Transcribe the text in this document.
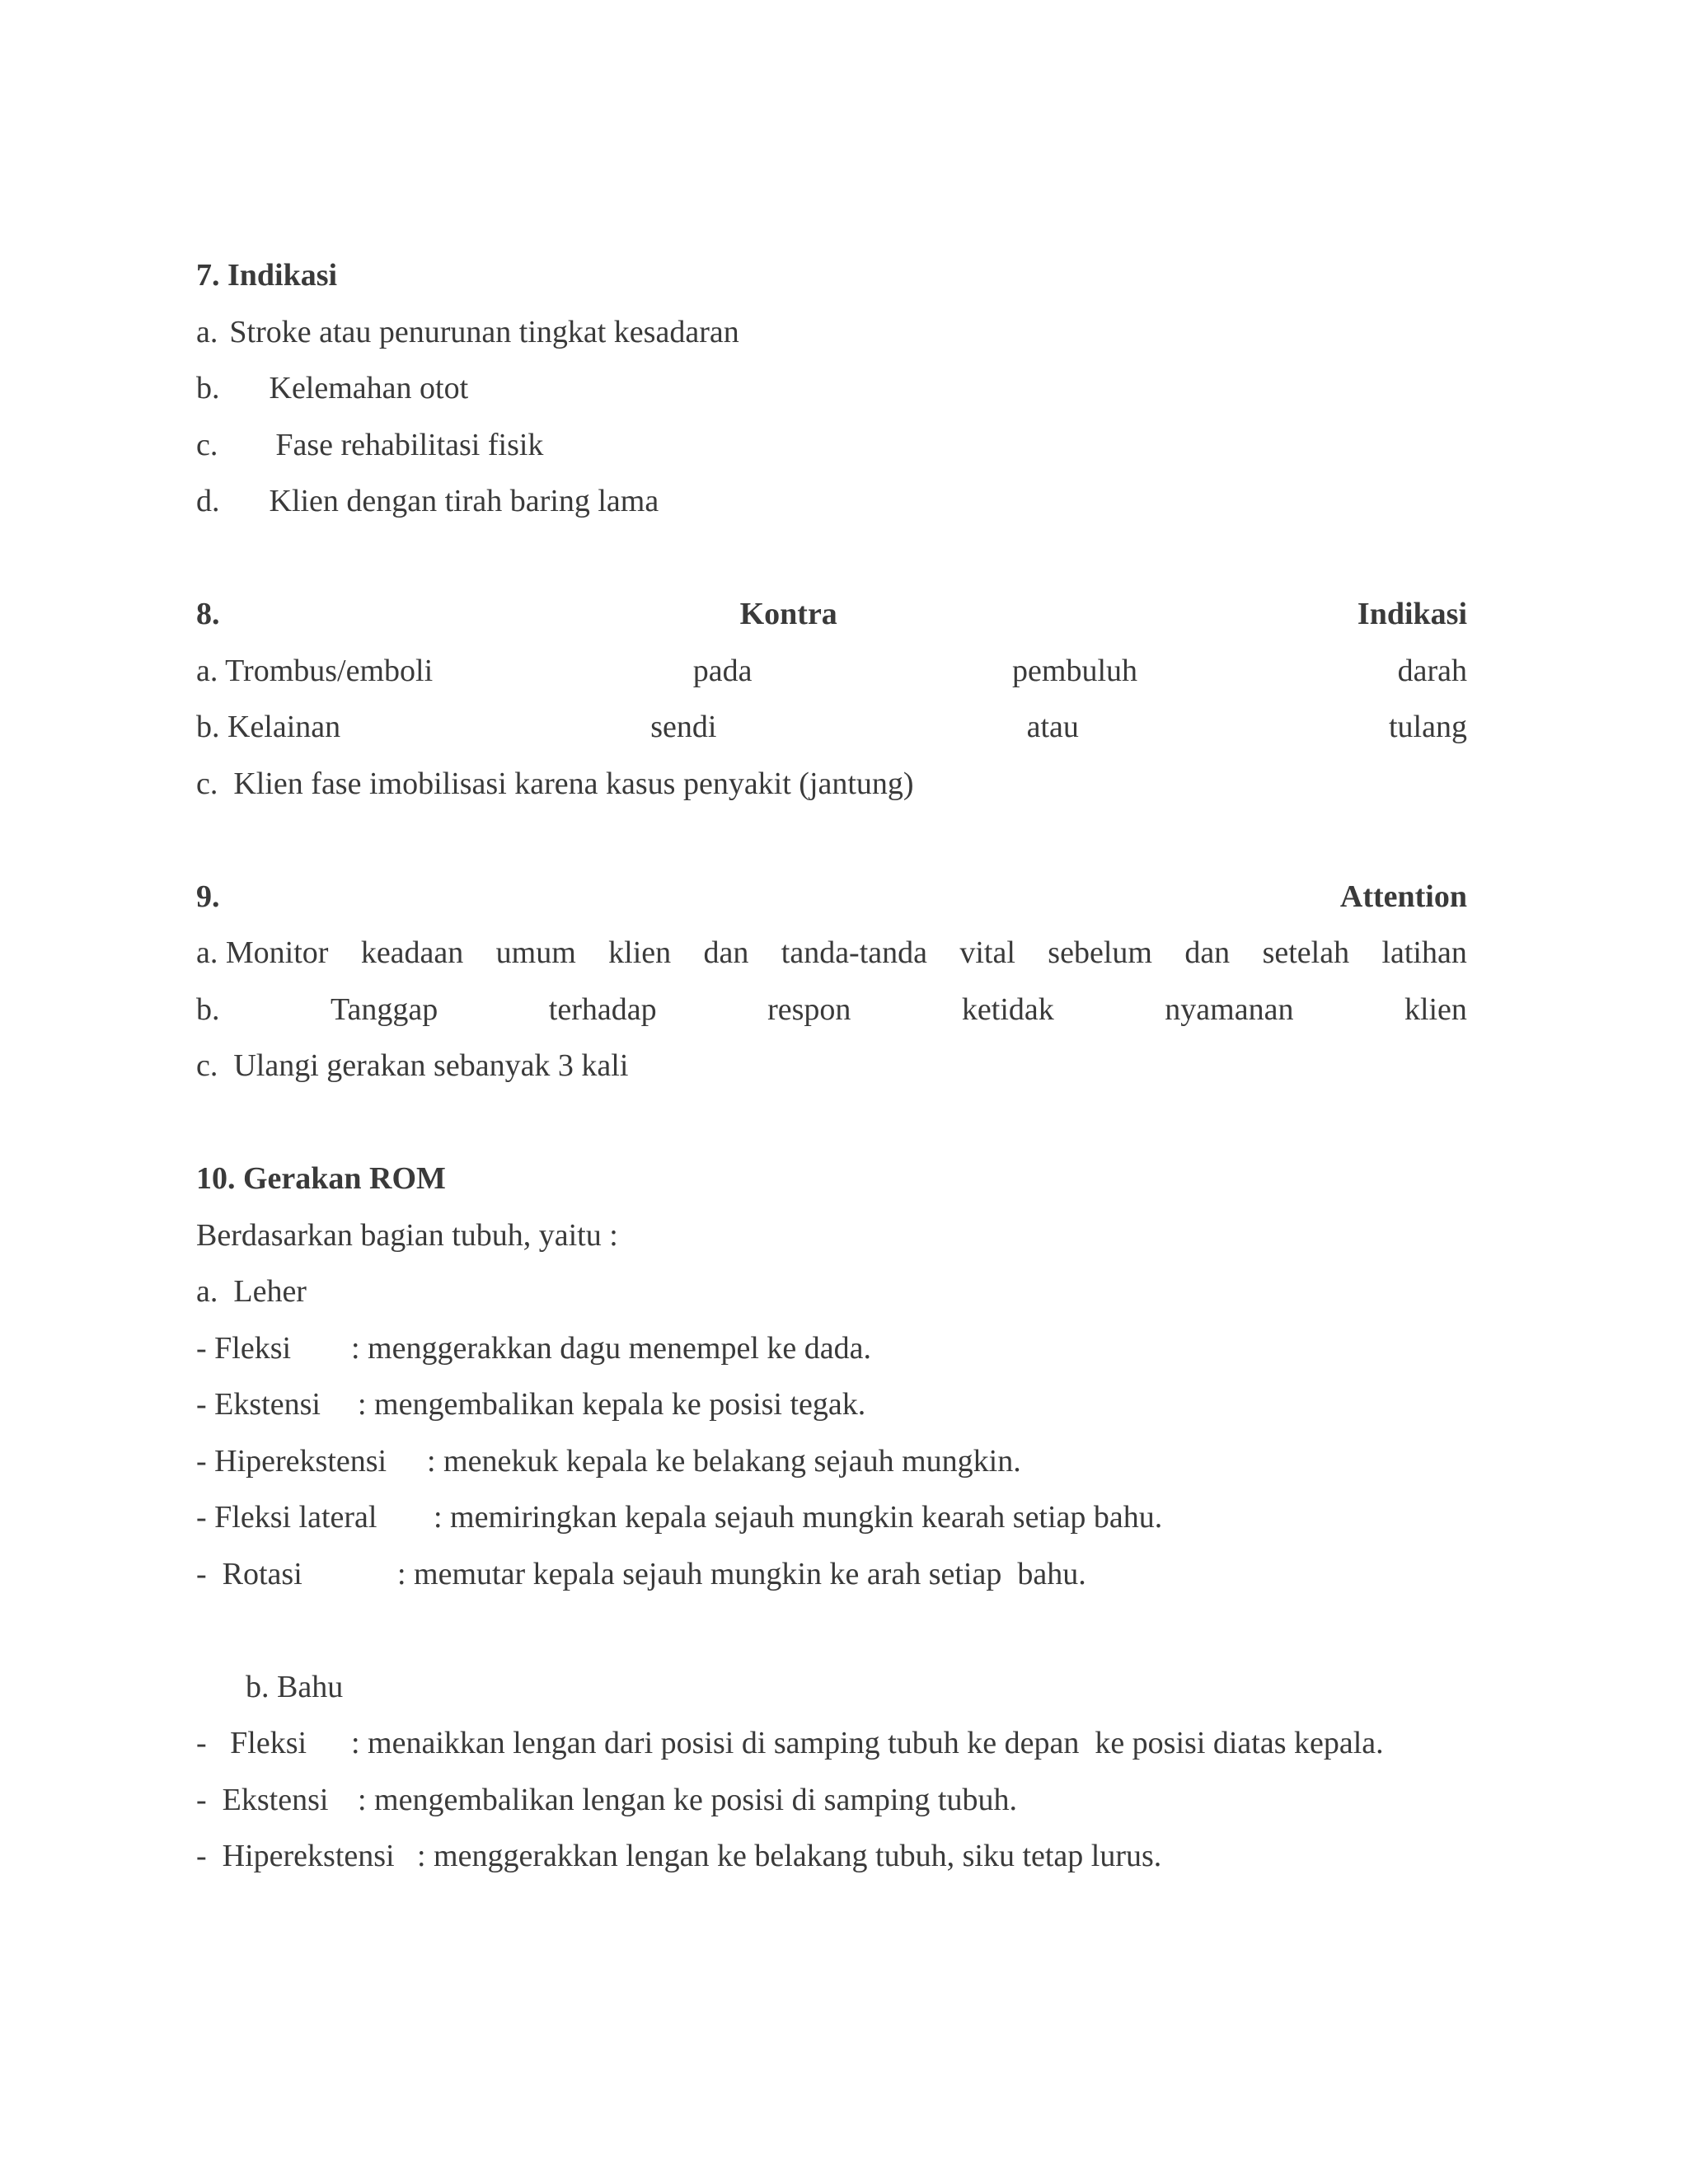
7. Indikasi
a. Stroke atau penurunan tingkat kesadaran
b. Kelemahan otot
c. Fase rehabilitasi fisik
d. Klien dengan tirah baring lama
8.	Kontra	Indikasi
a. Trombus/emboli	pada	pembuluh	darah
b. Kelainan	sendi	atau	tulang
c.  Klien fase imobilisasi karena kasus penyakit (jantung)
9.	Attention
a. Monitor keadaan umum klien dan tanda-tanda vital sebelum dan setelah latihan
b.	Tanggap	terhadap	respon	ketidak	nyamanan	klien
c.  Ulangi gerakan sebanyak 3 kali
10. Gerakan ROM
Berdasarkan bagian tubuh, yaitu :
a.  Leher
- Fleksi : menggerakkan dagu menempel ke dada.
- Ekstensi : mengembalikan kepala ke posisi tegak.
- Hiperekstensi : menekuk kepala ke belakang sejauh mungkin.
- Fleksi lateral : memiringkan kepala sejauh mungkin kearah setiap bahu.
-  Rotasi	: memutar kepala sejauh mungkin ke arah setiap  bahu.
b. Bahu
-   Fleksi : menaikkan lengan dari posisi di samping tubuh ke depan  ke posisi diatas kepala.
-  Ekstensi : mengembalikan lengan ke posisi di samping tubuh.
-  Hiperekstensi : menggerakkan lengan ke belakang tubuh, siku tetap lurus.
